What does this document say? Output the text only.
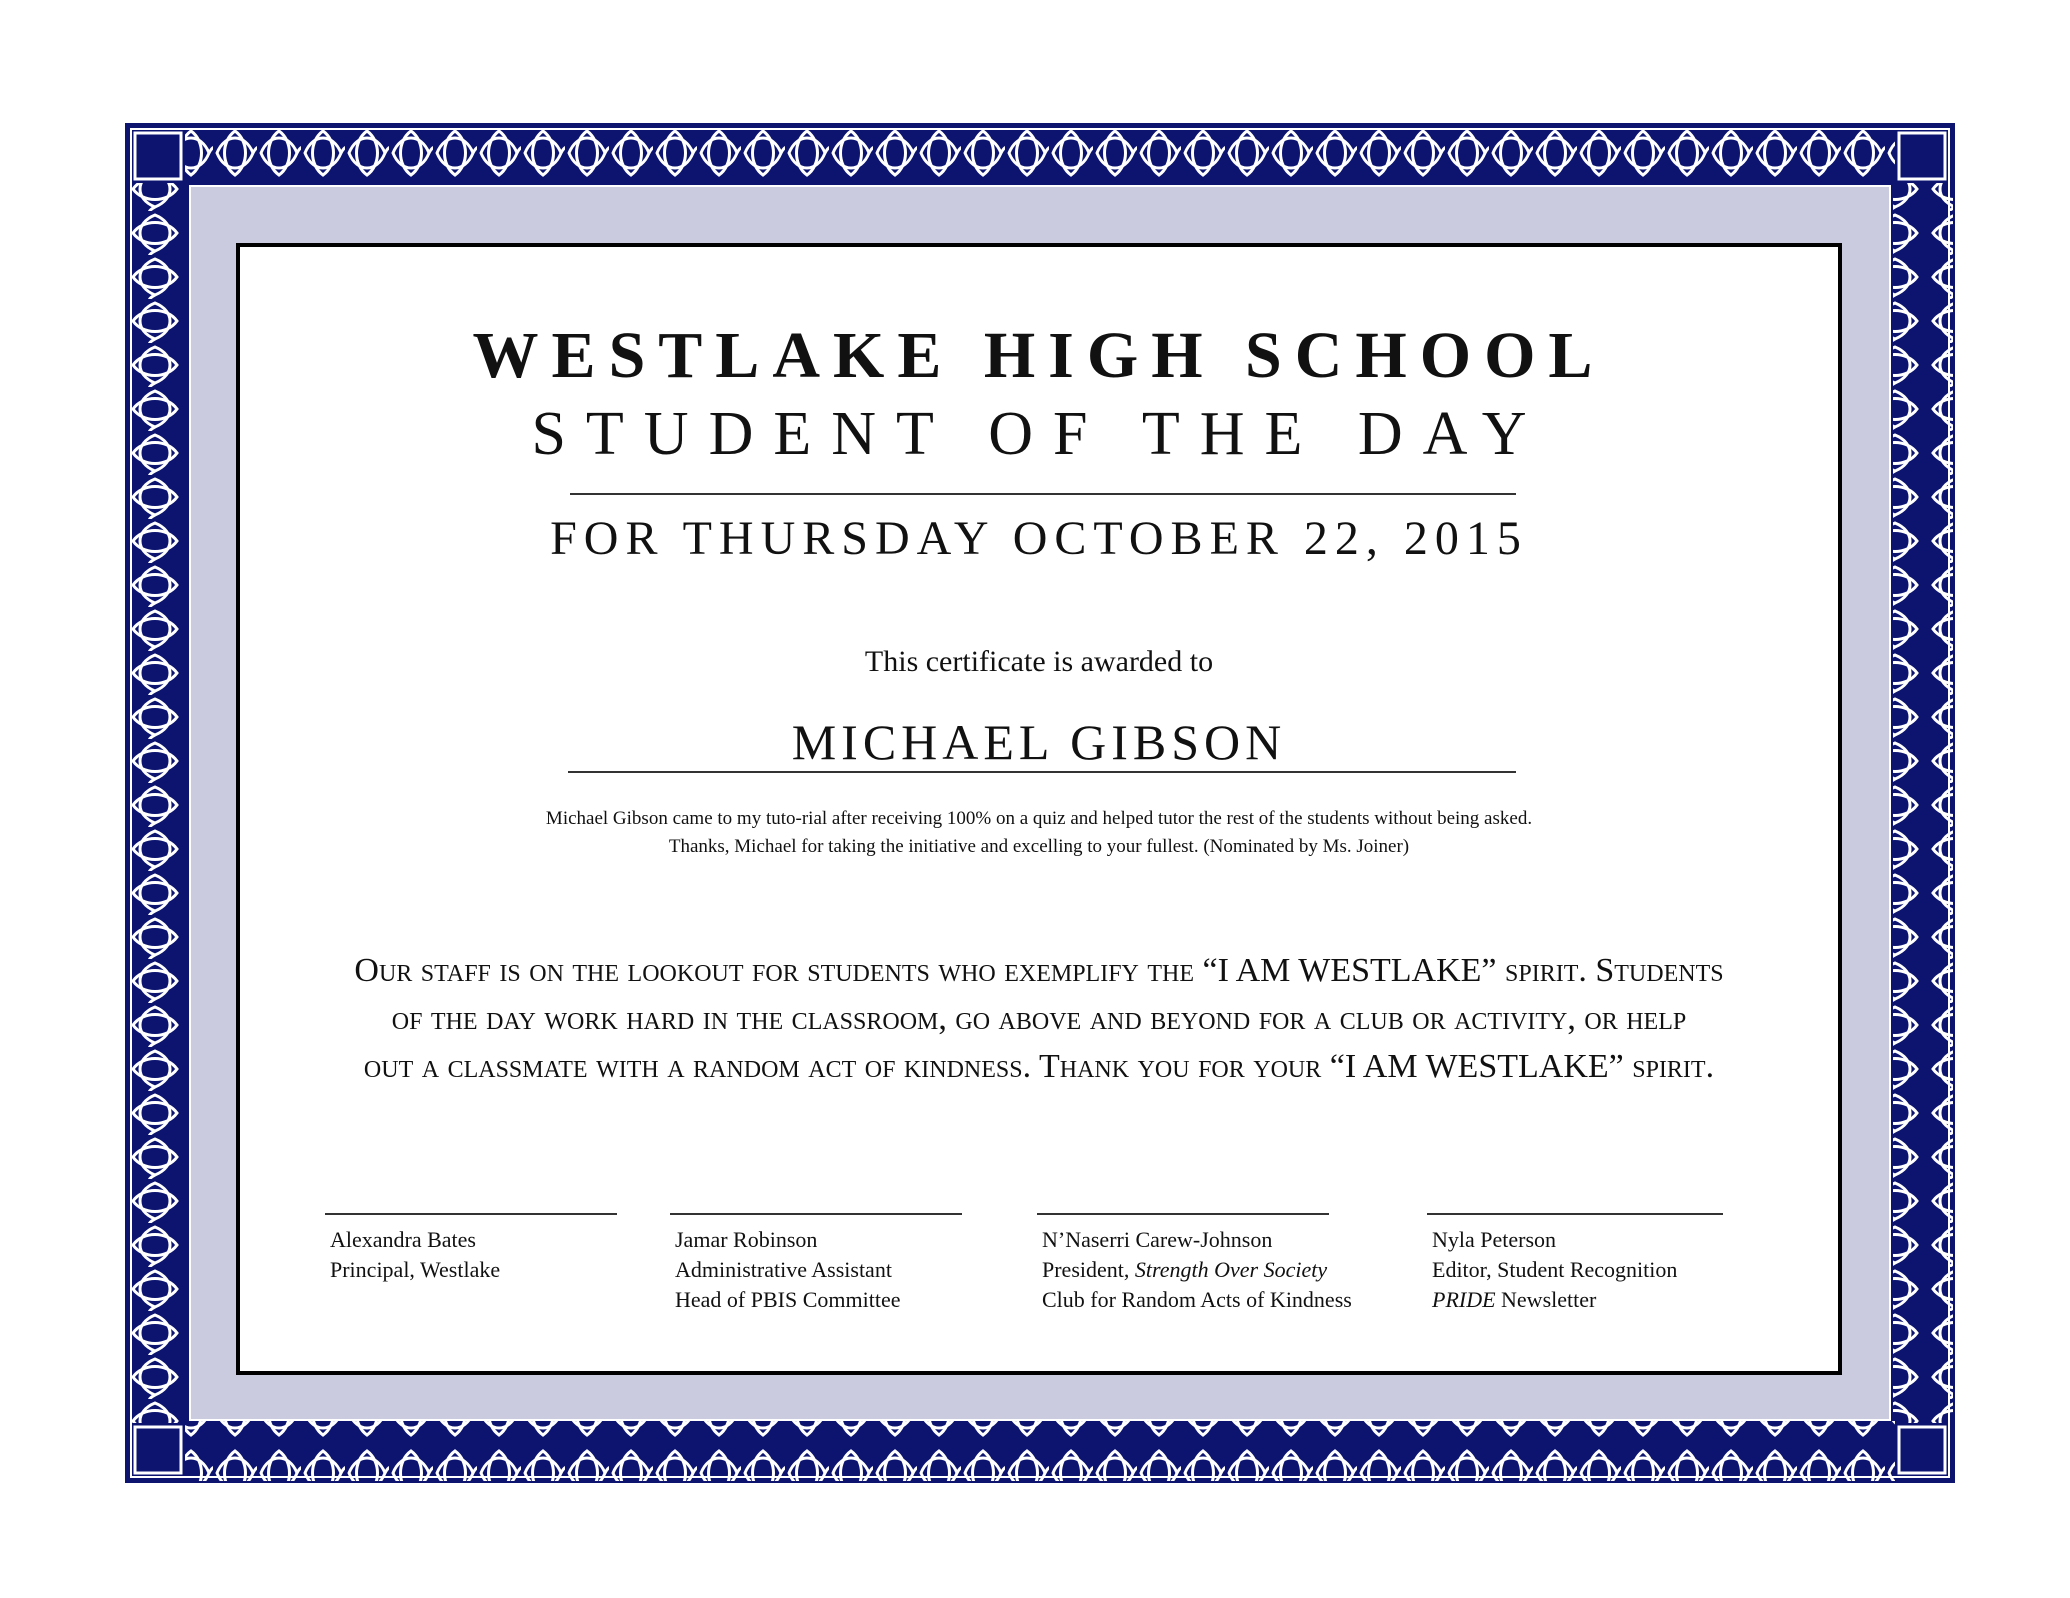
WESTLAKE HIGH SCHOOL
STUDENT OF THE DAY
FOR THURSDAY OCTOBER 22, 2015
This certificate is awarded to
MICHAEL GIBSON
Michael Gibson came to my tuto-rial after receiving 100% on a quiz and helped tutor the rest of the students without being asked.
Thanks, Michael for taking the initiative and excelling to your fullest. (Nominated by Ms. Joiner)
Our staff is on the lookout for students who exemplify the “I AM WESTLAKE” spirit. Students
of the day work hard in the classroom, go above and beyond for a club or activity, or help
out a classmate with a random act of kindness. Thank you for your “I AM WESTLAKE” spirit.
Alexandra Bates
Principal, Westlake
Jamar Robinson
Administrative Assistant
Head of PBIS Committee
N’Naserri Carew-Johnson
President, Strength Over Society
Club for Random Acts of Kindness
Nyla Peterson
Editor, Student Recognition
PRIDE Newsletter
